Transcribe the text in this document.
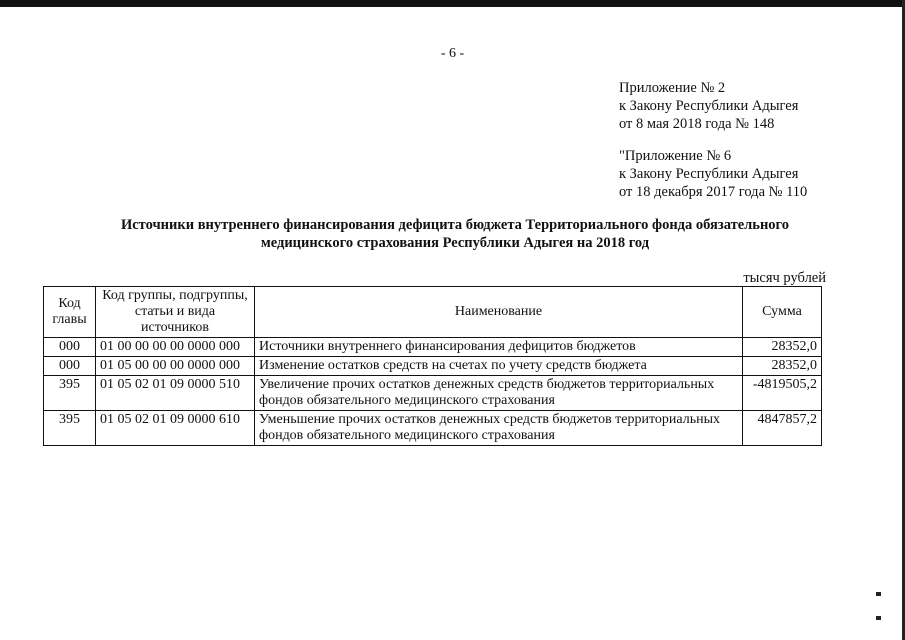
- 6 -
Приложение № 2
к Закону Республики Адыгея
от 8 мая 2018 года № 148
"Приложение № 6
к Закону Республики Адыгея
от 18 декабря 2017 года № 110
Источники внутреннего финансирования дефицита бюджета Территориального фонда обязательного
медицинского страхования Республики Адыгея на 2018 год
тысяч рублей
Код главы	Код группы, подгруппы, статьи и вида источников	Наименование	Сумма
000	01 00 00 00 00 0000 000	Источники внутреннего финансирования дефицитов бюджетов	28352,0
000	01 05 00 00 00 0000 000	Изменение остатков средств на счетах по учету средств бюджета	28352,0
395	01 05 02 01 09 0000 510	Увеличение прочих остатков денежных средств бюджетов территориальных фондов обязательного медицинского страхования	-4819505,2
395	01 05 02 01 09 0000 610	Уменьшение прочих остатков денежных средств бюджетов территориальных фондов обязательного медицинского страхования	4847857,2
